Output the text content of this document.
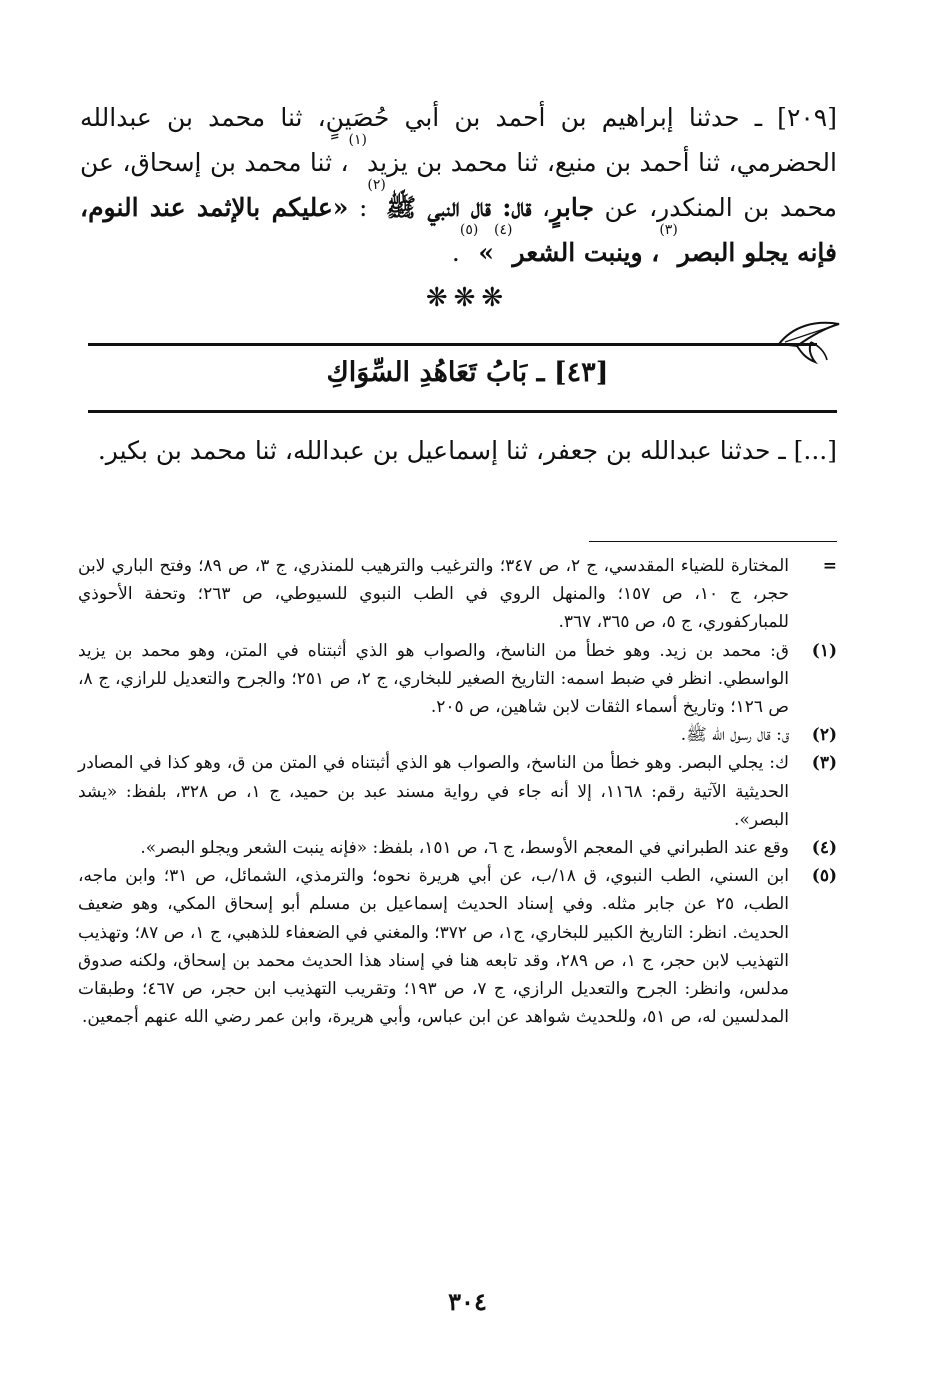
[٢٠٩] ـ حدثنا إبراهيم بن أحمد بن أبي حُصَينٍ، ثنا محمد بن عبدالله الحضرمي، ثنا أحمد بن منيع، ثنا محمد بن يزيد$^{(١)}$، ثنا محمد بن إسحاق، عن محمد بن المنكدر، عن جابرٍ، قال: قال النبي ﷺ$^{(٢)}$: «عليكم بالإثمد عند النوم، فإنه يجلو البصر$^{(٣)}$، وينبت الشعر$^{(٤)}$»$^{(٥)}$.
❋❋❋
[٤٣] ـ بَابُ تَعَاهُدِ السِّوَاكِ
[...] ـ حدثنا عبدالله بن جعفر، ثنا إسماعيل بن عبدالله، ثنا محمد بن بكير.
=
المختارة للضياء المقدسي، ج ٢، ص ٣٤٧؛ والترغيب والترهيب للمنذري، ج ٣، ص ٨٩؛ وفتح الباري لابن حجر، ج ١٠، ص ١٥٧؛ والمنهل الروي في الطب النبوي للسيوطي، ص ٢٦٣؛ وتحفة الأحوذي للمباركفوري، ج ٥، ص ٣٦٥، ٣٦٧.
(١)
ق: محمد بن زيد. وهو خطأ من الناسخ، والصواب هو الذي أثبتناه في المتن، وهو محمد بن يزيد الواسطي. انظر في ضبط اسمه: التاريخ الصغير للبخاري، ج ٢، ص ٢٥١؛ والجرح والتعديل للرازي، ج ٨، ص ١٢٦؛ وتاريخ أسماء الثقات لابن شاهين، ص ٢٠٥.
(٢)
ق: قال رسول الله ﷺ.
(٣)
ك: يجلي البصر. وهو خطأ من الناسخ، والصواب هو الذي أثبتناه في المتن من ق، وهو كذا في المصادر الحديثية الآتية رقم: ١١٦٨، إلا أنه جاء في رواية مسند عبد بن حميد، ج ١، ص ٣٢٨، بلفظ: «يشد البصر».
(٤)
وقع عند الطبراني في المعجم الأوسط، ج ٦، ص ١٥١، بلفظ: «فإنه ينبت الشعر ويجلو البصر».
(٥)
ابن السني، الطب النبوي، ق ١٨/ب، عن أبي هريرة نحوه؛ والترمذي، الشمائل، ص ٣١؛ وابن ماجه، الطب، ٢٥ عن جابر مثله. وفي إسناد الحديث إسماعيل بن مسلم أبو إسحاق المكي، وهو ضعيف الحديث. انظر: التاريخ الكبير للبخاري، ج١، ص ٣٧٢؛ والمغني في الضعفاء للذهبي، ج ١، ص ٨٧؛ وتهذيب التهذيب لابن حجر، ج ١، ص ٢٨٩، وقد تابعه هنا في إسناد هذا الحديث محمد بن إسحاق، ولكنه صدوق مدلس، وانظر: الجرح والتعديل الرازي، ج ٧، ص ١٩٣؛ وتقريب التهذيب ابن حجر، ص ٤٦٧؛ وطبقات المدلسين له، ص ٥١، وللحديث شواهد عن ابن عباس، وأبي هريرة، وابن عمر رضي الله عنهم أجمعين.
٣٠٤
